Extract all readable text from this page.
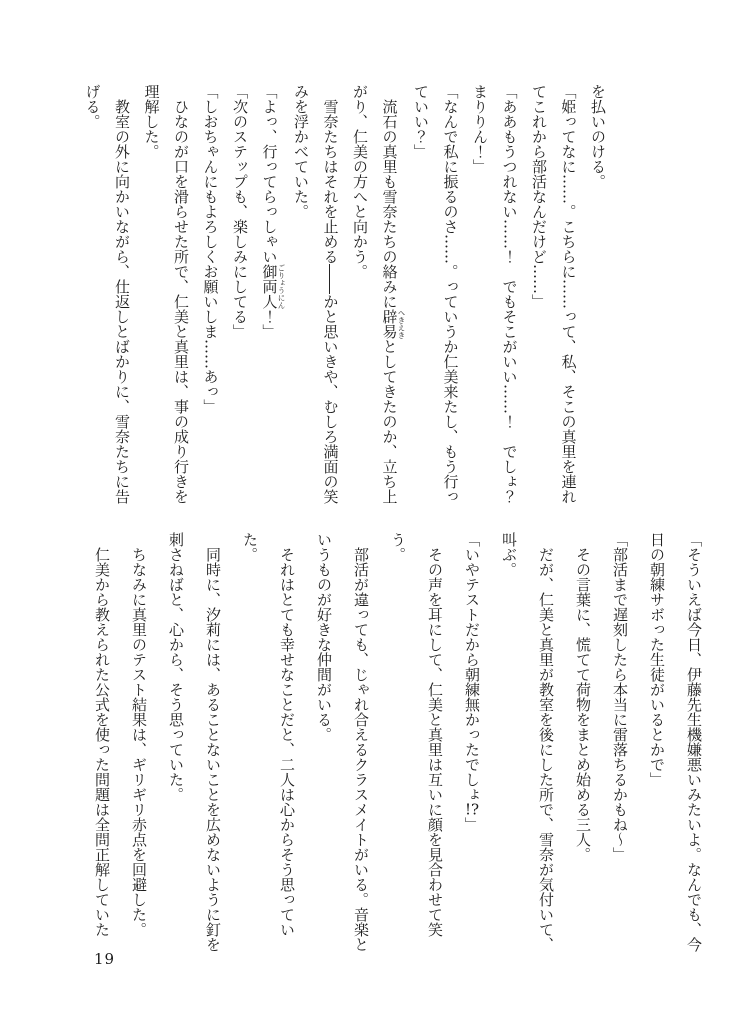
を払いのける。

「姫ってなに……。こちらに……って、私、そこの真里を連れてこれから部活なんだけど……」

「ああもうつれない……！　でもそこがいい……！　でしょ？　まりりん！」

「なんで私に振るのさ……。っていうか仁美来たし、もう行っていい？」

流石の真里も雪奈たちの絡みに辟易へきえきとしてきたのか、立ち上がり、仁美の方へと向かう。

雪奈たちはそれを止める――かと思いきや、むしろ満面の笑みを浮かべていた。

「よっ、行ってらっしゃい御両人ごりょうにん！」

「次のステップも、楽しみにしてる」

「しおちゃんにもよろしくお願いしま……あっ」

ひなのが口を滑らせた所で、仁美と真里は、事の成り行きを理解した。

教室の外に向かいながら、仕返しとばかりに、雪奈たちに告げる。

「そういえば今日、伊藤先生機嫌悪いみたいよ。なんでも、今日の朝練サボった生徒がいるとかで」

「部活まで遅刻したら本当に雷落ちるかもね～」

その言葉に、慌てて荷物をまとめ始める三人。

だが、仁美と真里が教室を後にした所で、雪奈が気付いて、叫ぶ。

「いやテストだから朝練無かったでしょ!?」

その声を耳にして、仁美と真里は互いに顔を見合わせて笑う。

部活が違っても、じゃれ合えるクラスメイトがいる。音楽というものが好きな仲間がいる。

それはとても幸せなことだと、二人は心からそう思っていた。

同時に、汐莉には、あることないことを広めないように釘を刺さねばと、心から、そう思っていた。

ちなみに真里のテスト結果は、ギリギリ赤点を回避した。

仁美から教えられた公式を使った問題は全問正解していた

19
